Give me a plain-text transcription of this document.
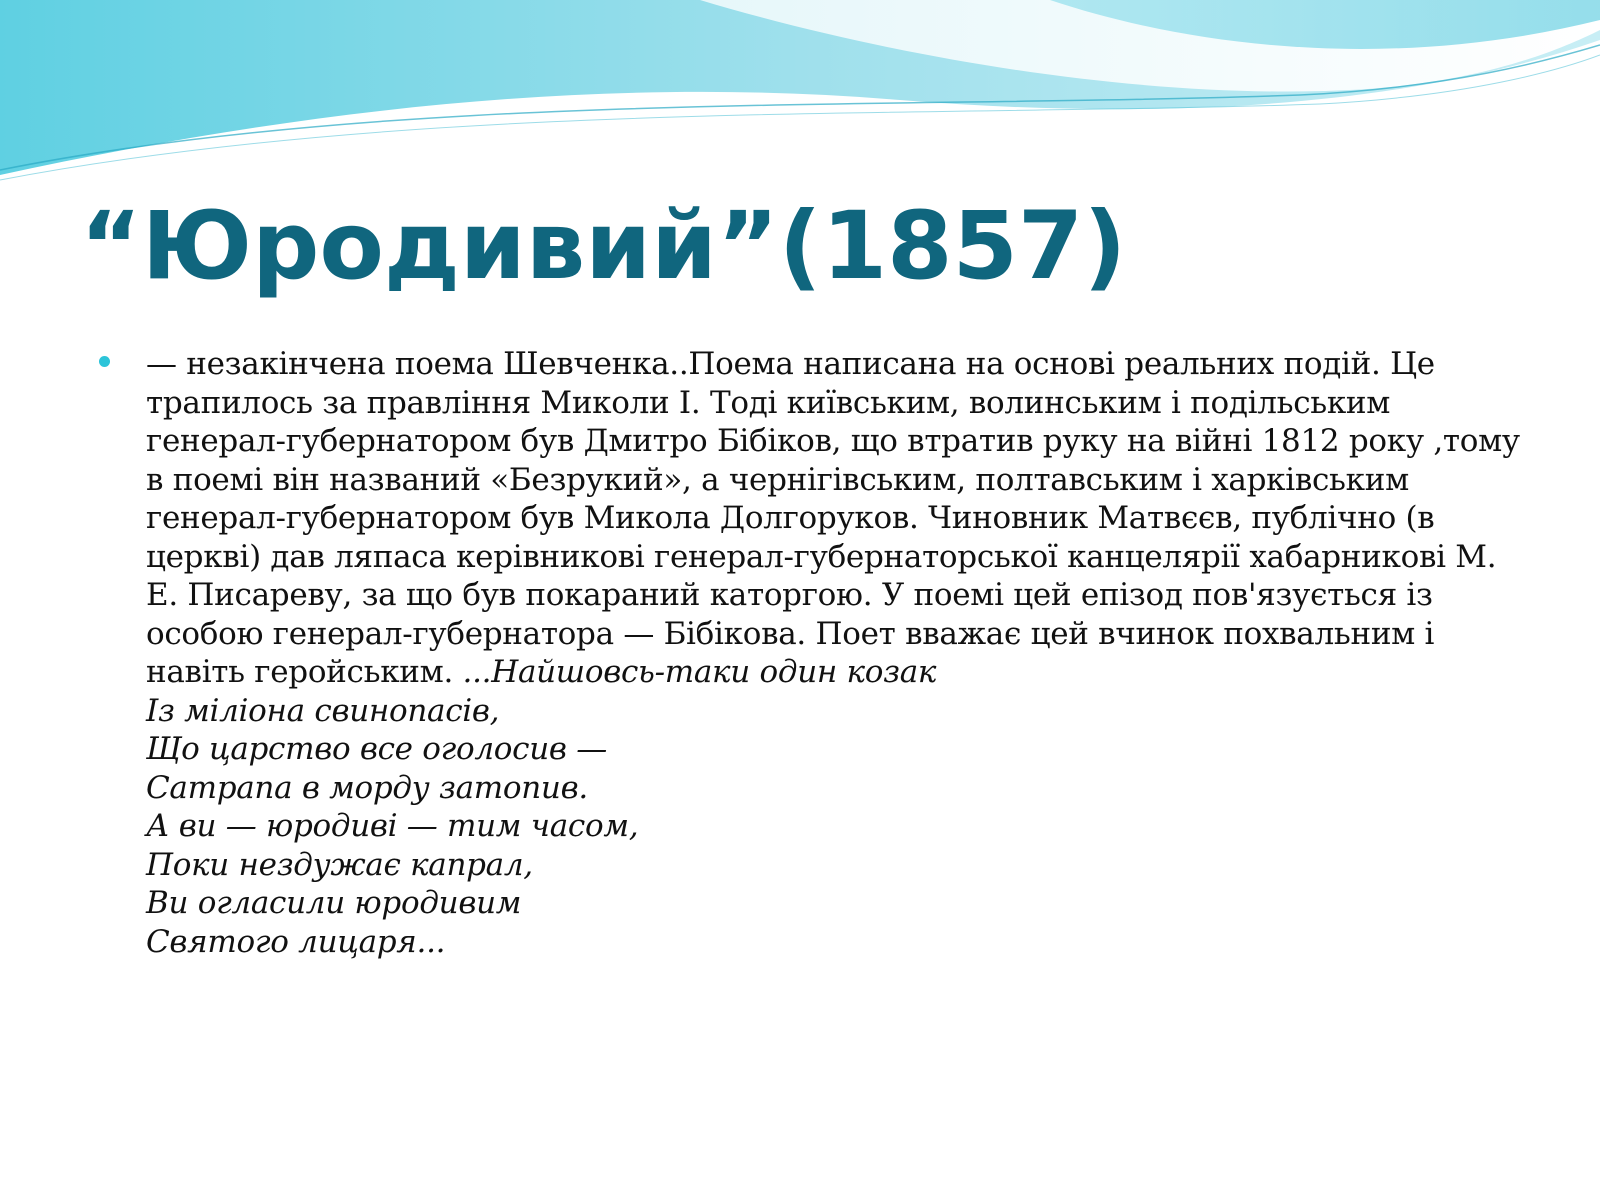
“Юродивий”(1857)

— незакінчена поема Шевченка..Поема написана на основі реальних подій. Це трапилось за правління Миколи І. Тоді київським, волинським і подільським генерал-губернатором був Дмитро Бібіков, що втратив руку на війні 1812 року ,тому в поемі він названий «Безрукий», а чернігівським, полтавським і харківським генерал-губернатором був Микола Долгоруков. Чиновник Матвєєв, публічно (в церкві) дав ляпаса керівникові генерал-губернаторської канцелярії хабарникові М. Е. Писареву, за що був покараний каторгою. У поемі цей епізод пов'язується із особою генерал-губернатора — Бібікова. Поет вважає цей вчинок похвальним і навіть геройським. ...Найшовсь-таки один козак
Із міліона свинопасів,
Що царство все оголосив —
Сатрапа в морду затопив.
А ви — юродиві — тим часом,
Поки нездужає капрал,
Ви огласили юродивим
Святого лицаря...
